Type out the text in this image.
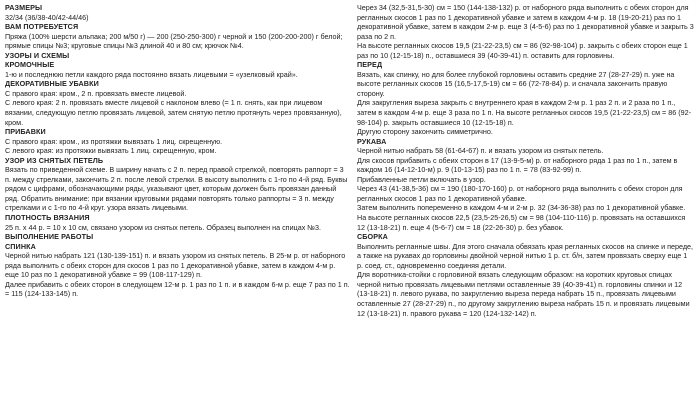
РАЗМЕРЫ

32/34 (36/38-40/42-44/46)

ВАМ ПОТРЕБУЕТСЯ

Пряжа (100% шерсти альпака; 200 м/50 г) — 200 (250-250-300) г черной и 150 (200-200-200) г белой; прямые спицы №3; круговые спицы №3 длиной 40 и 80 см; крючок №4.

УЗОРЫ И СХЕМЫ
КРОМОЧНЫЕ

1-ю и последнюю петли каждого ряда постоянно вязать лицевыми = «узелковый край».

ДЕКОРАТИВНЫЕ УБАВКИ

С правого края: кром., 2 п. провязать вместе лицевой.

С левого края: 2 п. провязать вместе лицевой с наклоном влево (= 1 п. снять, как при лицевом вязании, следующую петлю провязать лицевой, затем снятую петлю протянуть через провязанную), кром.

ПРИБАВКИ

С правого края: кром., из протяжки вывязать 1 лиц. скрещенную.

С левого края: из протяжки вывязать 1 лиц. скрещенную, кром.

УЗОР ИЗ СНЯТЫХ ПЕТЕЛЬ

Вязать по приведенной схеме. В ширину начать с 2 п. перед правой стрелкой, повторять раппорт = 3 п. между стрелками, закончить 2 п. после левой стрелки. В высоту выполнить с 1-го по 4-й ряд. Буквы рядом с цифрами, обозначающими ряды, указывают цвет, которым должен быть провязан данный ряд. Обратить внимание: при вязании круговыми рядами повторять только раппорты = 3 п. между стрелками и с 1-го по 4-й круг. узора вязать лицевыми.

ПЛОТНОСТЬ ВЯЗАНИЯ

25 п. х 44 р. = 10 х 10 см, связано узором из снятых петель. Образец выполнен на спицах №3.

ВЫПОЛНЕНИЕ РАБОТЫ
СПИНКА

Черной нитью набрать 121 (130-139-151) п. и вязать узором из снятых петель. В 25-м р. от наборного ряда выполнить с обеих сторон для скосов 1 раз по 1 декоративной убавке, затем в каждом 4-м р. еще 10 раз по 1 декоративной убавке = 99 (108-117-129) п.

Далее прибавить с обеих сторон в следующем 12-м р. 1 раз по 1 п. и в каждом 6-м р. еще 7 раз по 1 п. = 115 (124-133-145) п.

Через 34 (32,5-31,5-30) см = 150 (144-138-132) р. от наборного ряда выполнить с обеих сторон для регланных скосов 1 раз по 1 декоративной убавке и затем в каждом 4-м р. 18 (19-20-21) раз по 1 декоративной убавке, затем в каждом 2-м р. еще 3 (4-5-6) раз по 1 декоративной убавке и закрыть 3 раза по 2 п.

На высоте регланных скосов 19,5 (21-22-23,5) см = 86 (92-98-104) р. закрыть с обеих сторон еще 1 раз по 10 (12-15-18) п., оставшиеся 39 (40-39-41) п. оставить для горловины.

ПЕРЕД

Вязать, как спинку, но для более глубокой горловины оставить средние 27 (28-27-29) п. уже на высоте регланных скосов 15 (16,5-17,5-19) см = 66 (72-78-84) р. и сначала закончить правую сторону.

Для закругления выреза закрыть с внутреннего края в каждом 2-м р. 1 раз 2 п. и 2 раза по 1 п., затем в каждом 4-м р. еще 3 раза по 1 п. На высоте регланных скосов 19,5 (21-22-23,5) см = 86 (92-98-104) р. закрыть оставшиеся 10 (12-15-18) п.

Другую сторону закончить симметрично.

РУКАВА

Черной нитью набрать 58 (61-64-67) п. и вязать узором из снятых петель.

Для скосов прибавить с обеих сторон в 17 (13-9-5-м) р. от наборного ряда 1 раз по 1 п., затем в каждом 16 (14-12-10-м) р. 9 (10-13-15) раз по 1 п. = 78 (83-92-99) п.

Прибавленные петли включать в узор.

Через 43 (41-38,5-36) см = 190 (180-170-160) р. от наборного ряда выполнить с обеих сторон для регланных скосов 1 раз по 1 декоративной убавке.

Затем выполнить попеременно в каждом 4-м и 2-м р. 32 (34-36-38) раз по 1 декоративной убавке.

На высоте регланных скосов 22,5 (23,5-25-26,5) см = 98 (104-110-116) р. провязать на оставшихся 12 (13-18-21) п. еще 4 (5-6-7) см = 18 (22-26-30) р. без убавок.

СБОРКА

Выполнить регланные швы. Для этого сначала обвязать края регланных скосов на спинке и переде, а также на рукавах до горловины двойной черной нитью 1 р. ст. б/н, затем провязать сверху еще 1 р. соед. ст., одновременно соединяя детали.

Для воротника-стойки с горловиной вязать следующим образом: на коротких круговых спицах черной нитью провязать лицевыми петлями оставленные 39 (40-39-41) п. горловины спинки и 12 (13-18-21) п. левого рукава, по закруглению выреза переда набрать 15 п., провязать лицевыми оставленные 27 (28-27-29) п., по другому закруглению выреза набрать 15 п. и провязать лицевыми 12 (13-18-21) п. правого рукава = 120 (124-132-142) п.
